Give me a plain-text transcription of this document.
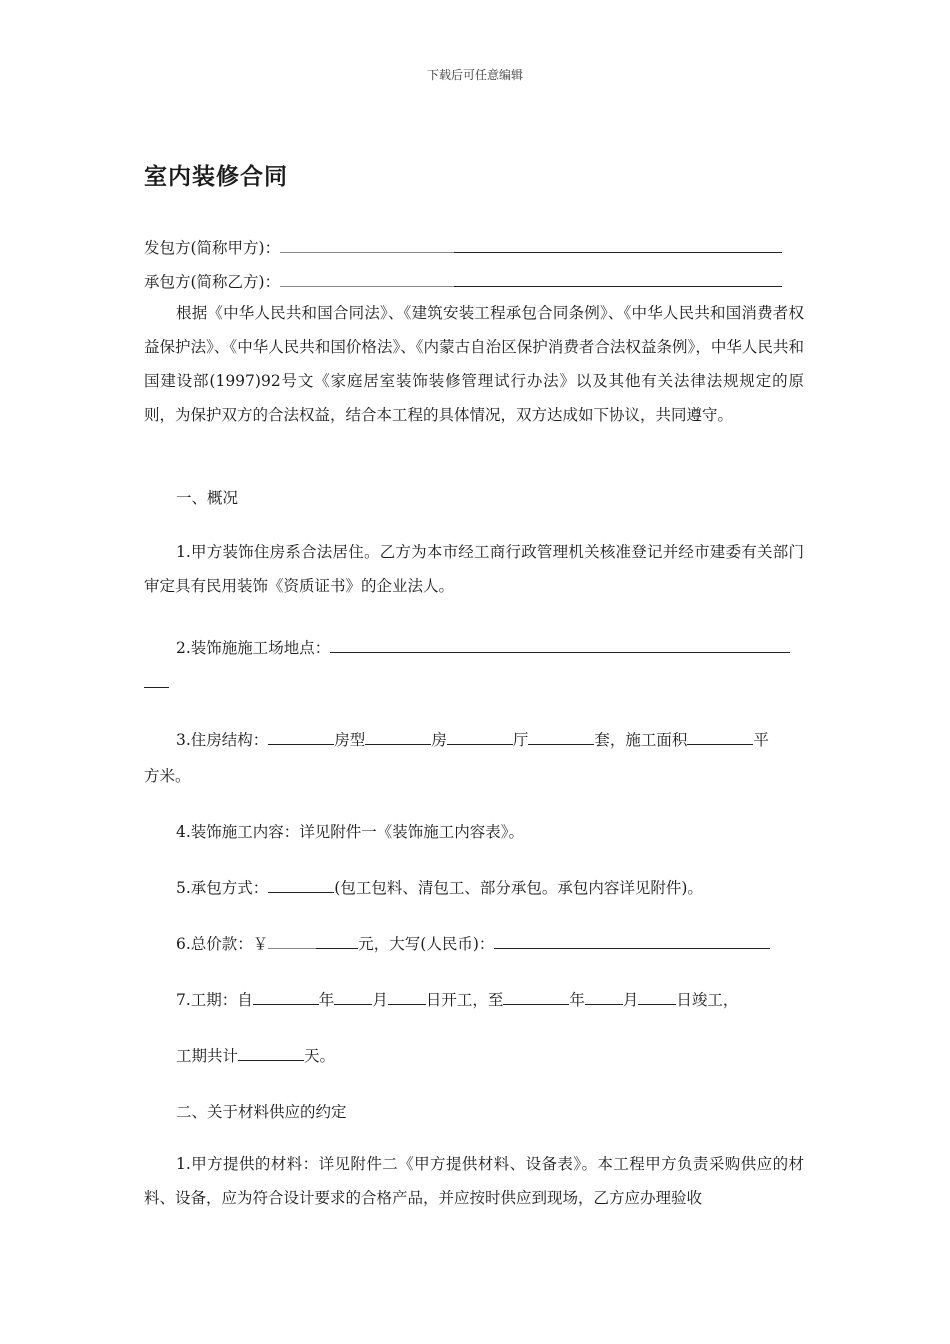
下载后可任意编辑
室内装修合同
发包方(简称甲方)：
承包方(简称乙方)：
根据《中华人民共和国合同法》、《建筑安装工程承包合同条例》、《中华人民共和国消费者权益保护法》、《中华人民共和国价格法》、《内蒙古自治区保护消费者合法权益条例》，中华人民共和国建设部(1997)92号文《家庭居室装饰装修管理试行办法》以及其他有关法律法规规定的原则，为保护双方的合法权益，结合本工程的具体情况，双方达成如下协议，共同遵守。
一、概况
1.甲方装饰住房系合法居住。乙方为本市经工商行政管理机关核准登记并经市建委有关部门审定具有民用装饰《资质证书》的企业法人。
2.装饰施施工场地点：
3.住房结构：	房型	房	厅	套，施工面积	平
方米。
4.装饰施工内容：详见附件一《装饰施工内容表》。
5.承包方式：	(包工包料、清包工、部分承包。承包内容详见附件)。
6.总价款：￥	元，大写(人民币)：
7.工期：自	年 月 日开工，至	年 月 日竣工，
工期共计	天。
二、关于材料供应的约定
1.甲方提供的材料：详见附件二《甲方提供材料、设备表》。本工程甲方负责采购供应的材料、设备，应为符合设计要求的合格产品，并应按时供应到现场，乙方应办理验收
